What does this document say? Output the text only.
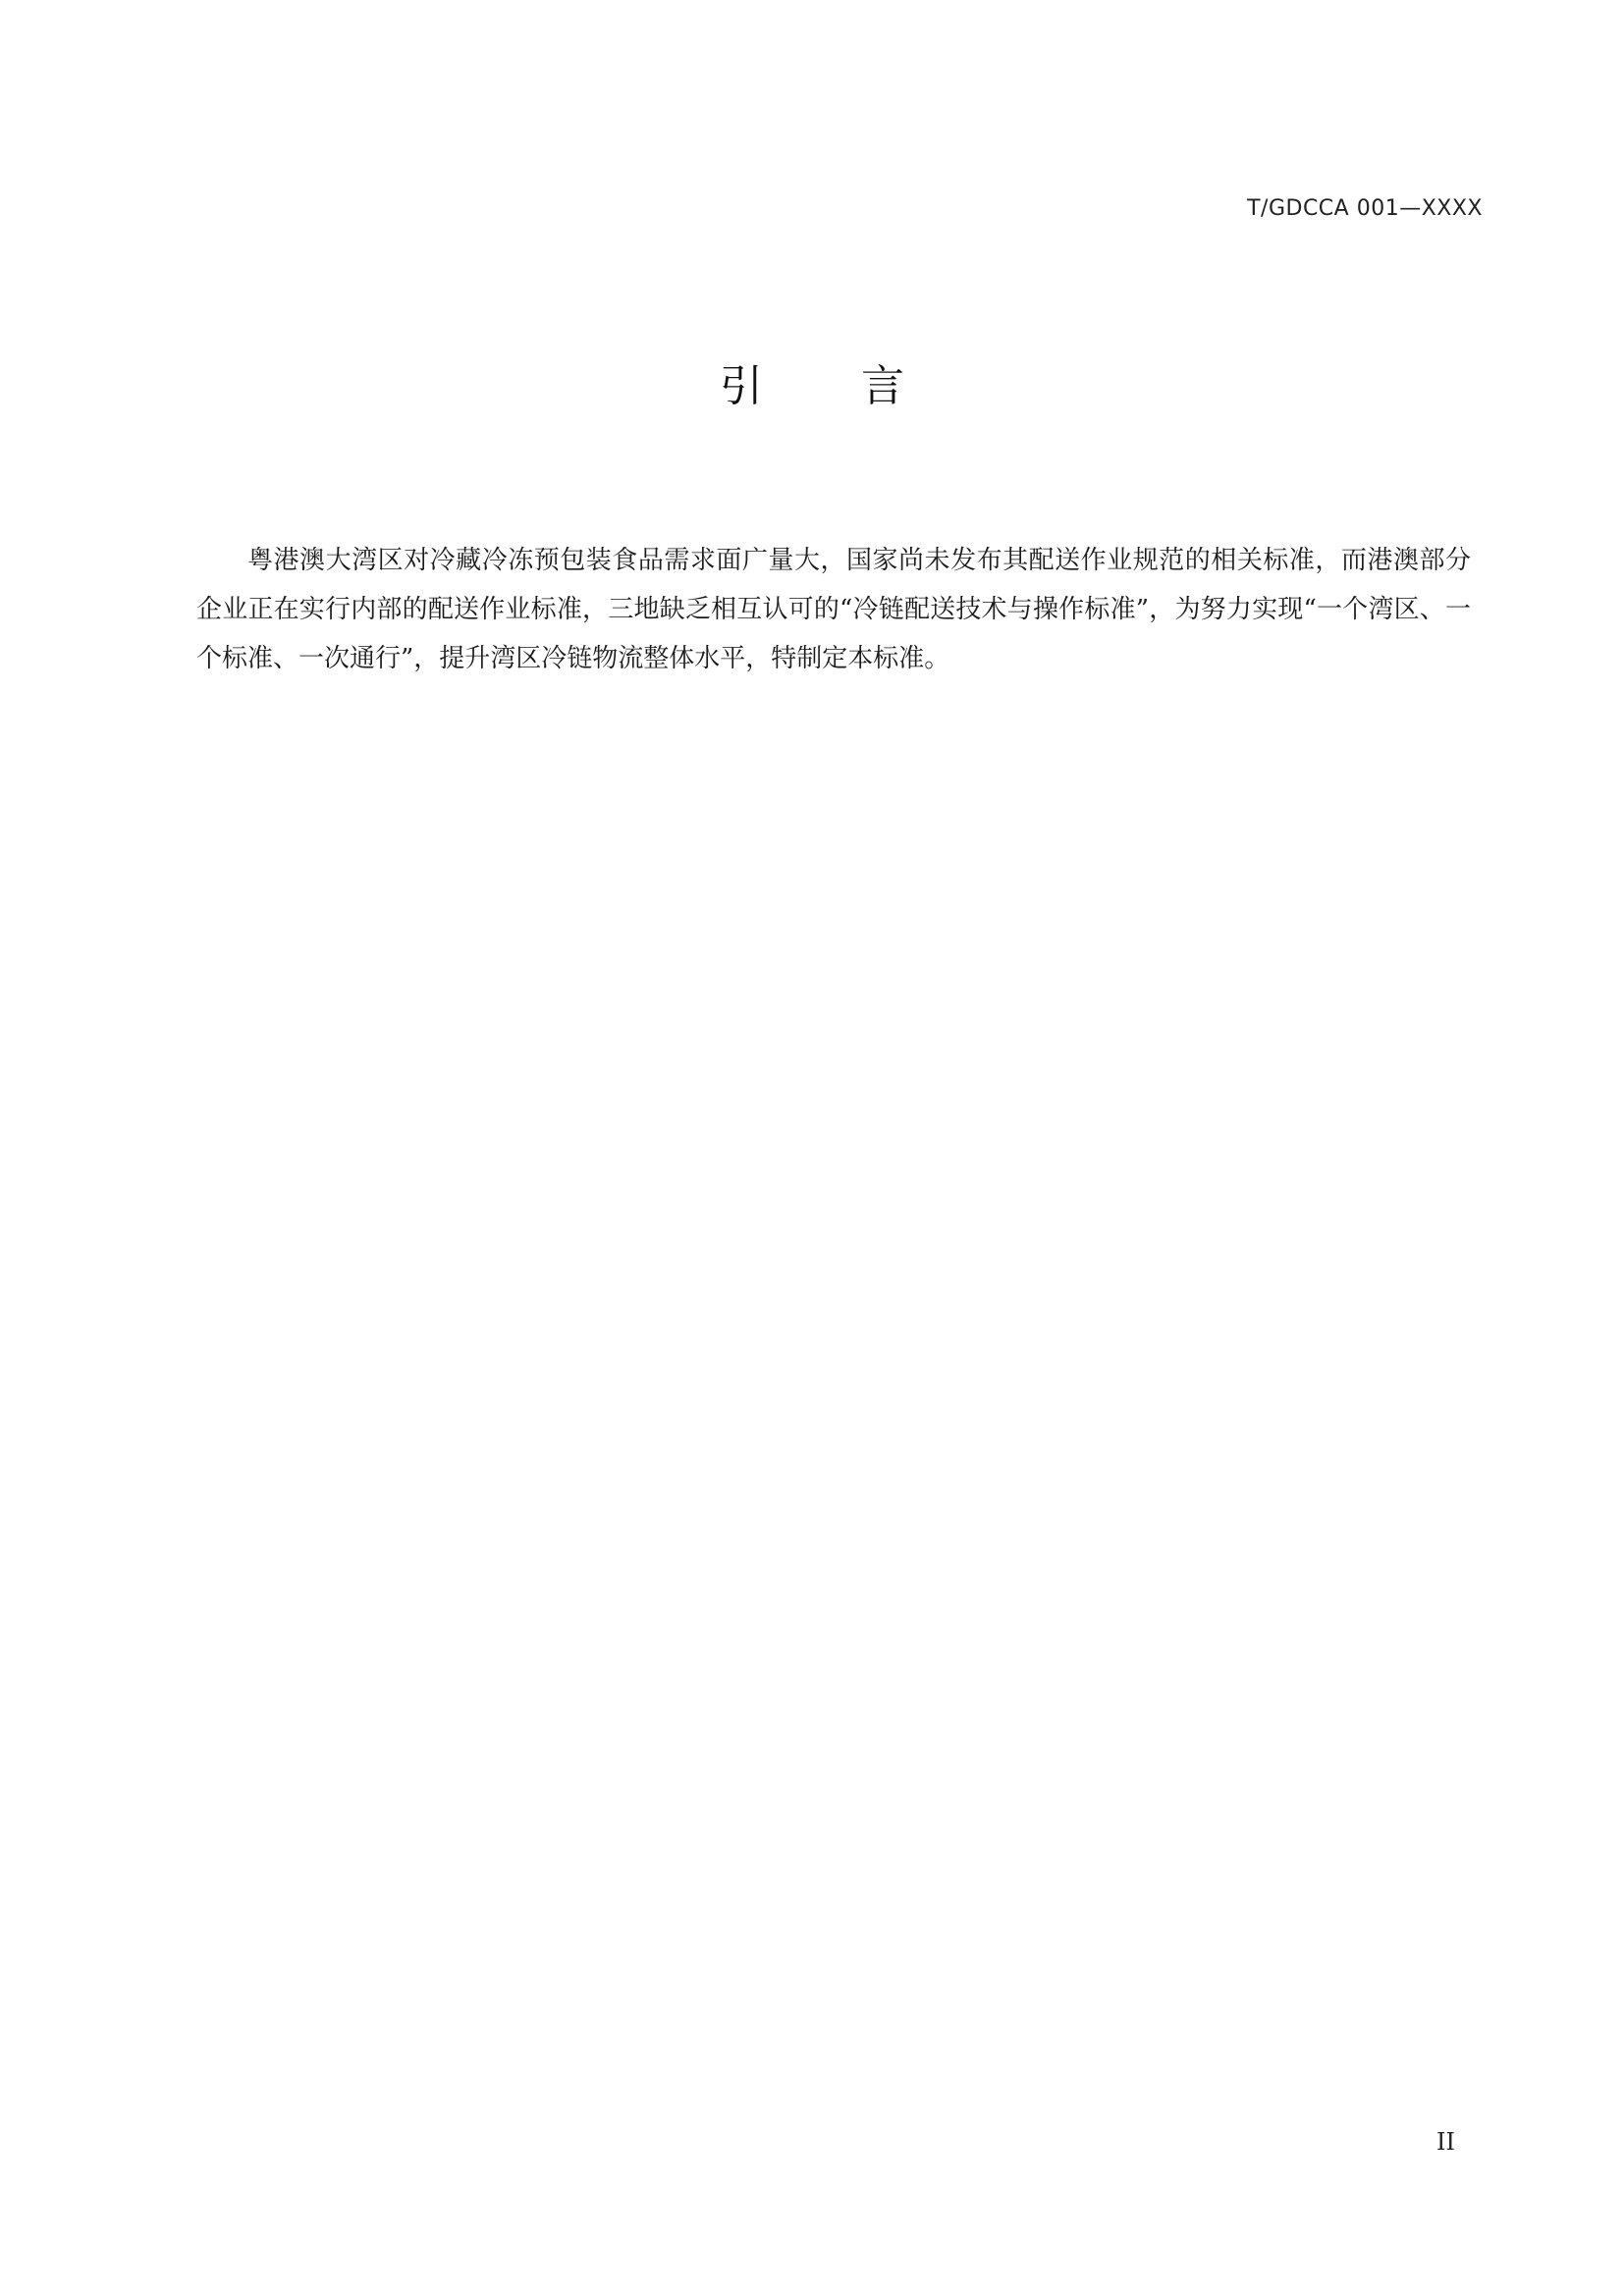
T/GDCCA 001—XXXX
引 言

粤港澳大湾区对冷藏冷冻预包装食品需求面广量大，国家尚未发布其配送作业规范的相关标准，而港澳部分企业正在实行内部的配送作业标准，三地缺乏相互认可的“冷链配送技术与操作标准”，为努力实现“一个湾区、一个标准、一次通行”，提升湾区冷链物流整体水平，特制定本标准。

II
